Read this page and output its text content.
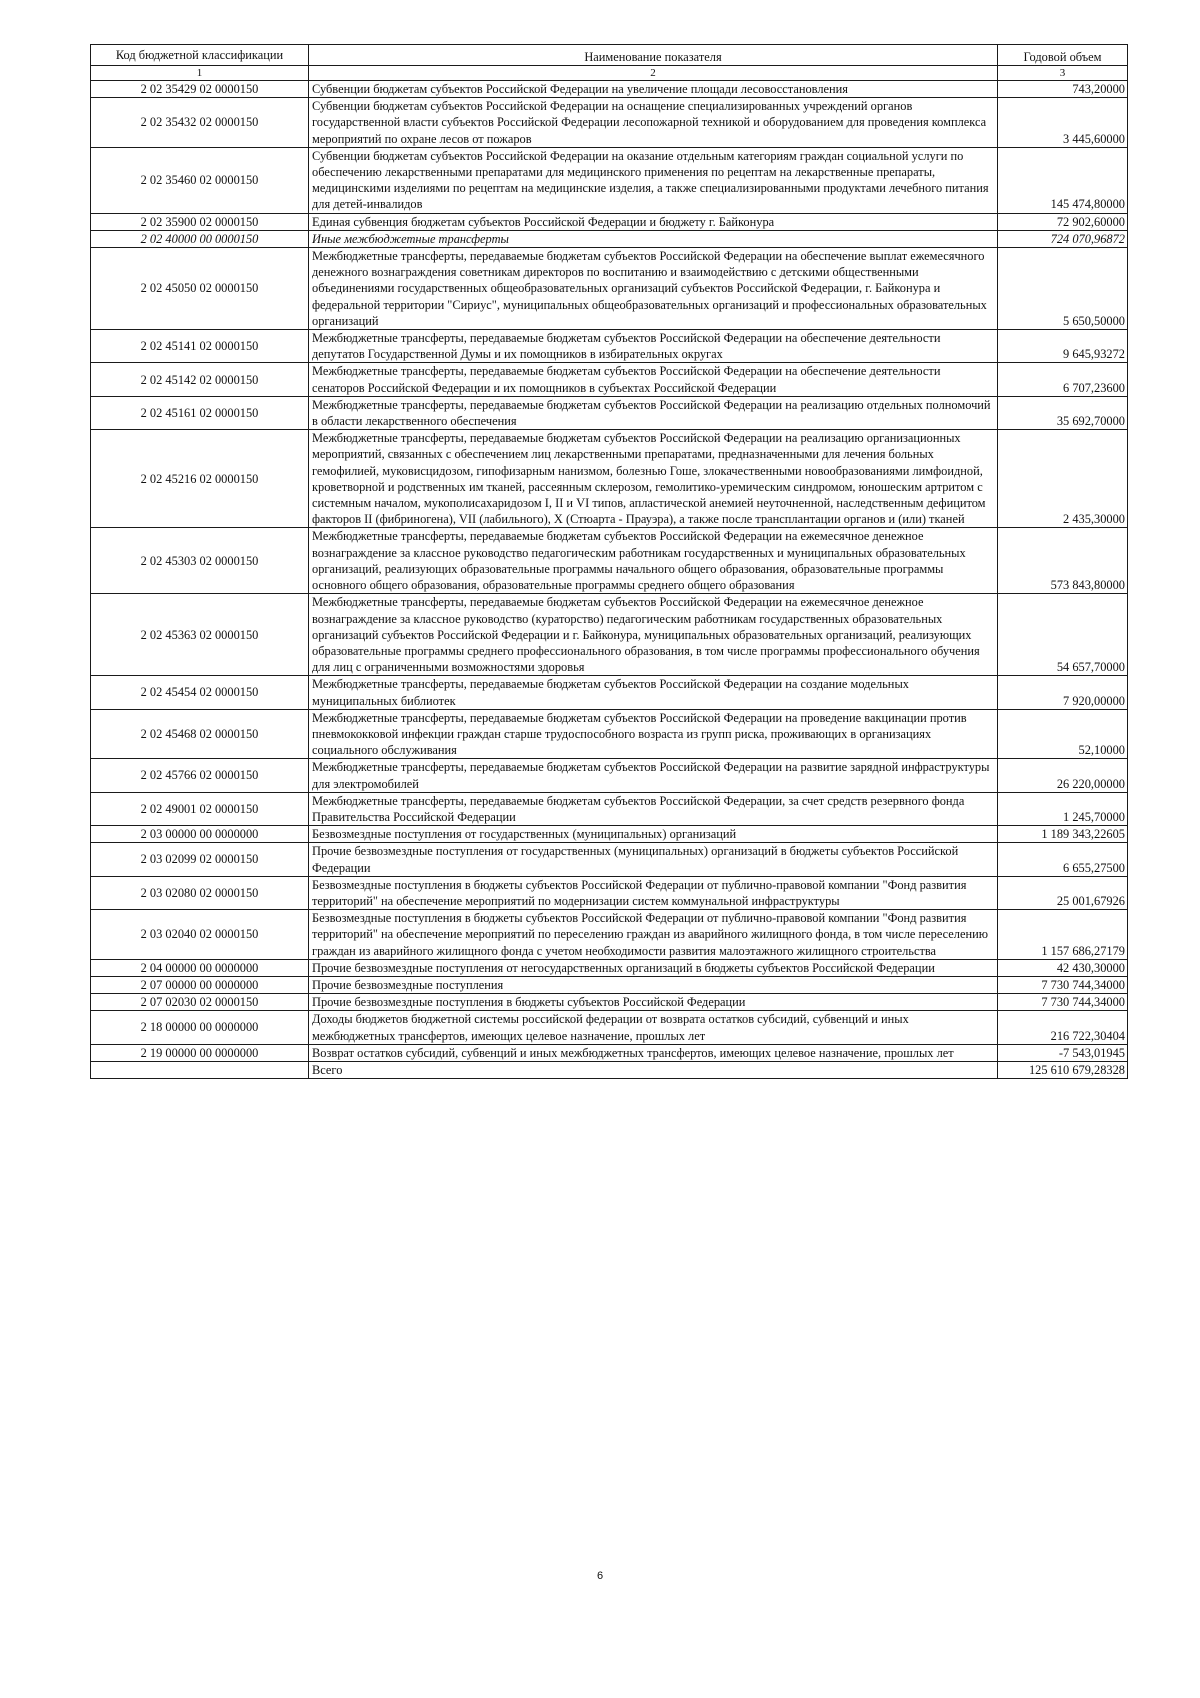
Код бюджетной классификации	Наименование показателя	Годовой объем
1	2	3
2 02 35429 02 0000150	Субвенции бюджетам субъектов Российской Федерации на увеличение площади лесовосстановления	743,20000
2 02 35432 02 0000150	Субвенции бюджетам субъектов Российской Федерации на оснащение специализированных учреждений органов государственной власти субъектов Российской Федерации лесопожарной техникой и оборудованием для проведения комплекса мероприятий по охране лесов от пожаров	3 445,60000
2 02 35460 02 0000150	Субвенции бюджетам субъектов Российской Федерации на оказание отдельным категориям граждан социальной услуги по обеспечению лекарственными препаратами для медицинского применения по рецептам на лекарственные препараты, медицинскими изделиями по рецептам на медицинские изделия, а также специализированными продуктами лечебного питания для детей-инвалидов	145 474,80000
2 02 35900 02 0000150	Единая субвенция бюджетам субъектов Российской Федерации и бюджету г. Байконура	72 902,60000
2 02 40000 00 0000150	Иные межбюджетные трансферты	724 070,96872
2 02 45050 02 0000150	Межбюджетные трансферты, передаваемые бюджетам субъектов Российской Федерации на обеспечение выплат ежемесячного денежного вознаграждения советникам директоров по воспитанию и взаимодействию с детскими общественными объединениями государственных общеобразовательных организаций субъектов Российской Федерации, г. Байконура и федеральной территории "Сириус", муниципальных общеобразовательных организаций и профессиональных образовательных организаций	5 650,50000
2 02 45141 02 0000150	Межбюджетные трансферты, передаваемые бюджетам субъектов Российской Федерации на обеспечение деятельности депутатов Государственной Думы и их помощников в избирательных округах	9 645,93272
2 02 45142 02 0000150	Межбюджетные трансферты, передаваемые бюджетам субъектов Российской Федерации на обеспечение деятельности сенаторов Российской Федерации и их помощников в субъектах Российской Федерации	6 707,23600
2 02 45161 02 0000150	Межбюджетные трансферты, передаваемые бюджетам субъектов Российской Федерации на реализацию отдельных полномочий в области лекарственного обеспечения	35 692,70000
2 02 45216 02 0000150	Межбюджетные трансферты, передаваемые бюджетам субъектов Российской Федерации на реализацию организационных мероприятий, связанных с обеспечением лиц лекарственными препаратами, предназначенными для лечения больных гемофилией, муковисцидозом, гипофизарным нанизмом, болезнью Гоше, злокачественными новообразованиями лимфоидной, кроветворной и родственных им тканей, рассеянным склерозом, гемолитико-уремическим синдромом, юношеским артритом с системным началом, мукополисахаридозом I, II и VI типов, апластической анемией неуточненной, наследственным дефицитом факторов II (фибриногена), VII (лабильного), X (Стюарта - Прауэра), а также после трансплантации органов и (или) тканей	2 435,30000
2 02 45303 02 0000150	Межбюджетные трансферты, передаваемые бюджетам субъектов Российской Федерации на ежемесячное денежное вознаграждение за классное руководство педагогическим работникам государственных и муниципальных образовательных организаций, реализующих образовательные программы начального общего образования, образовательные программы основного общего образования, образовательные программы среднего общего образования	573 843,80000
2 02 45363 02 0000150	Межбюджетные трансферты, передаваемые бюджетам субъектов Российской Федерации на ежемесячное денежное вознаграждение за классное руководство (кураторство) педагогическим работникам государственных образовательных организаций субъектов Российской Федерации и г. Байконура, муниципальных образовательных организаций, реализующих образовательные программы среднего профессионального образования, в том числе программы профессионального обучения для лиц с ограниченными возможностями здоровья	54 657,70000
2 02 45454 02 0000150	Межбюджетные трансферты, передаваемые бюджетам субъектов Российской Федерации на создание модельных муниципальных библиотек	7 920,00000
2 02 45468 02 0000150	Межбюджетные трансферты, передаваемые бюджетам субъектов Российской Федерации на проведение вакцинации против пневмококковой инфекции граждан старше трудоспособного возраста из групп риска, проживающих в организациях социального обслуживания	52,10000
2 02 45766 02 0000150	Межбюджетные трансферты, передаваемые бюджетам субъектов Российской Федерации на развитие зарядной инфраструктуры для электромобилей	26 220,00000
2 02 49001 02 0000150	Межбюджетные трансферты, передаваемые бюджетам субъектов Российской Федерации, за счет средств резервного фонда Правительства Российской Федерации	1 245,70000
2 03 00000 00 0000000	Безвозмездные поступления от государственных (муниципальных) организаций	1 189 343,22605
2 03 02099 02 0000150	Прочие безвозмездные поступления от государственных (муниципальных) организаций в бюджеты субъектов Российской Федерации	6 655,27500
2 03 02080 02 0000150	Безвозмездные поступления в бюджеты субъектов Российской Федерации от публично-правовой компании "Фонд развития территорий" на обеспечение мероприятий по модернизации систем коммунальной инфраструктуры	25 001,67926
2 03 02040 02 0000150	Безвозмездные поступления в бюджеты субъектов Российской Федерации от публично-правовой компании "Фонд развития территорий" на обеспечение мероприятий по переселению граждан из аварийного жилищного фонда, в том числе переселению граждан из аварийного жилищного фонда с учетом необходимости развития малоэтажного жилищного строительства	1 157 686,27179
2 04 00000 00 0000000	Прочие безвозмездные поступления от негосударственных организаций в бюджеты субъектов Российской Федерации	42 430,30000
2 07 00000 00 0000000	Прочие безвозмездные поступления	7 730 744,34000
2 07 02030 02 0000150	Прочие безвозмездные поступления в бюджеты субъектов Российской Федерации	7 730 744,34000
2 18 00000 00 0000000	Доходы бюджетов бюджетной системы российской федерации от возврата остатков субсидий, субвенций и иных межбюджетных трансфертов, имеющих целевое назначение, прошлых лет	216 722,30404
2 19 00000 00 0000000	Возврат остатков субсидий, субвенций и иных межбюджетных трансфертов, имеющих целевое назначение, прошлых лет	-7 543,01945
	Всего	125 610 679,28328
6
